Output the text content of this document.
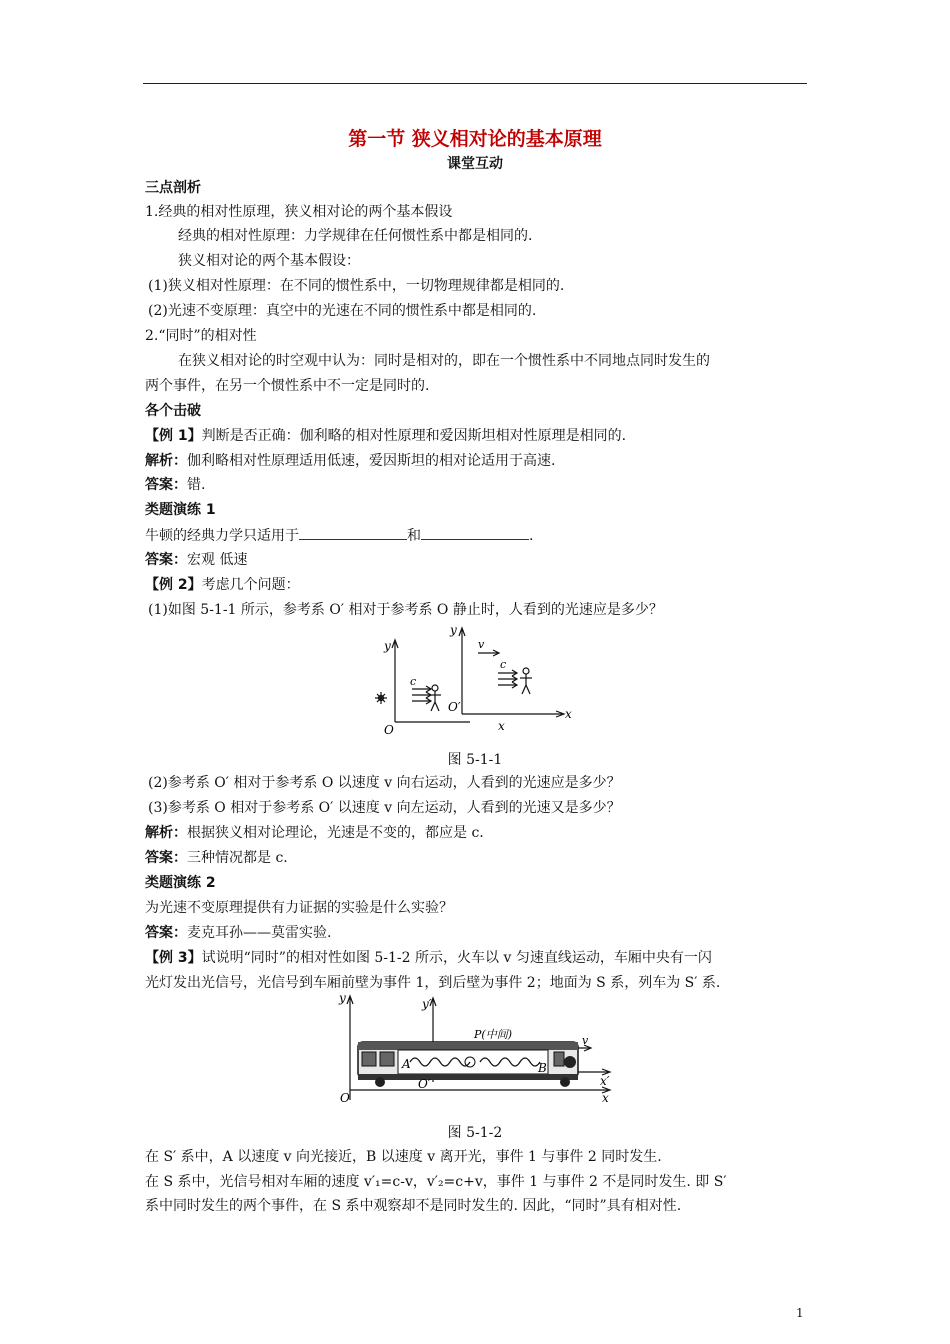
第一节 狭义相对论的基本原理
课堂互动
三点剖析
1.经典的相对性原理，狭义相对论的两个基本假设
经典的相对性原理：力学规律在任何惯性系中都是相同的.
狭义相对论的两个基本假设：
(1)狭义相对性原理：在不同的惯性系中，一切物理规律都是相同的.
(2)光速不变原理：真空中的光速在不同的惯性系中都是相同的.
2.“同时”的相对性
在狭义相对论的时空观中认为：同时是相对的，即在一个惯性系中不同地点同时发生的
两个事件，在另一个惯性系中不一定是同时的.
各个击破
【例 1】判断是否正确：伽利略的相对性原理和爱因斯坦相对性原理是相同的.
解析：伽利略相对性原理适用低速，爱因斯坦的相对论适用于高速.
答案：错.
类题演练 1
牛顿的经典力学只适用于	和	.
答案：宏观 低速
【例 2】考虑几个问题：
(1)如图 5-1-1 所示，参考系 O′ 相对于参考系 O 静止时，人看到的光速应是多少？
y
O
y
O′	x
x
v
c
c
图 5-1-1
(2)参考系 O′ 相对于参考系 O 以速度 v 向右运动，人看到的光速应是多少？
(3)参考系 O 相对于参考系 O′ 以速度 v 向左运动，人看到的光速又是多少？
解析：根据狭义相对论理论，光速是不变的，都应是 c.
答案：三种情况都是 c.
类题演练 2
为光速不变原理提供有力证据的实验是什么实验？
答案：麦克耳孙——莫雷实验.
【例 3】试说明“同时”的相对性如图 5-1-2 所示，火车以 v 匀速直线运动，车厢中央有一闪
光灯发出光信号，光信号到车厢前壁为事件 1，到后壁为事件 2；地面为 S 系，列车为 S′ 系.
y
O
y′
O′	x′
x
P(中间)	v
A	B
图 5-1-2
在 S′ 系中，A 以速度 v 向光接近，B 以速度 v 离开光，事件 1 与事件 2 同时发生.
在 S 系中，光信号相对车厢的速度 v′₁=c-v，v′₂=c+v，事件 1 与事件 2 不是同时发生. 即 S′
系中同时发生的两个事件，在 S 系中观察却不是同时发生的. 因此，“同时”具有相对性.
1
